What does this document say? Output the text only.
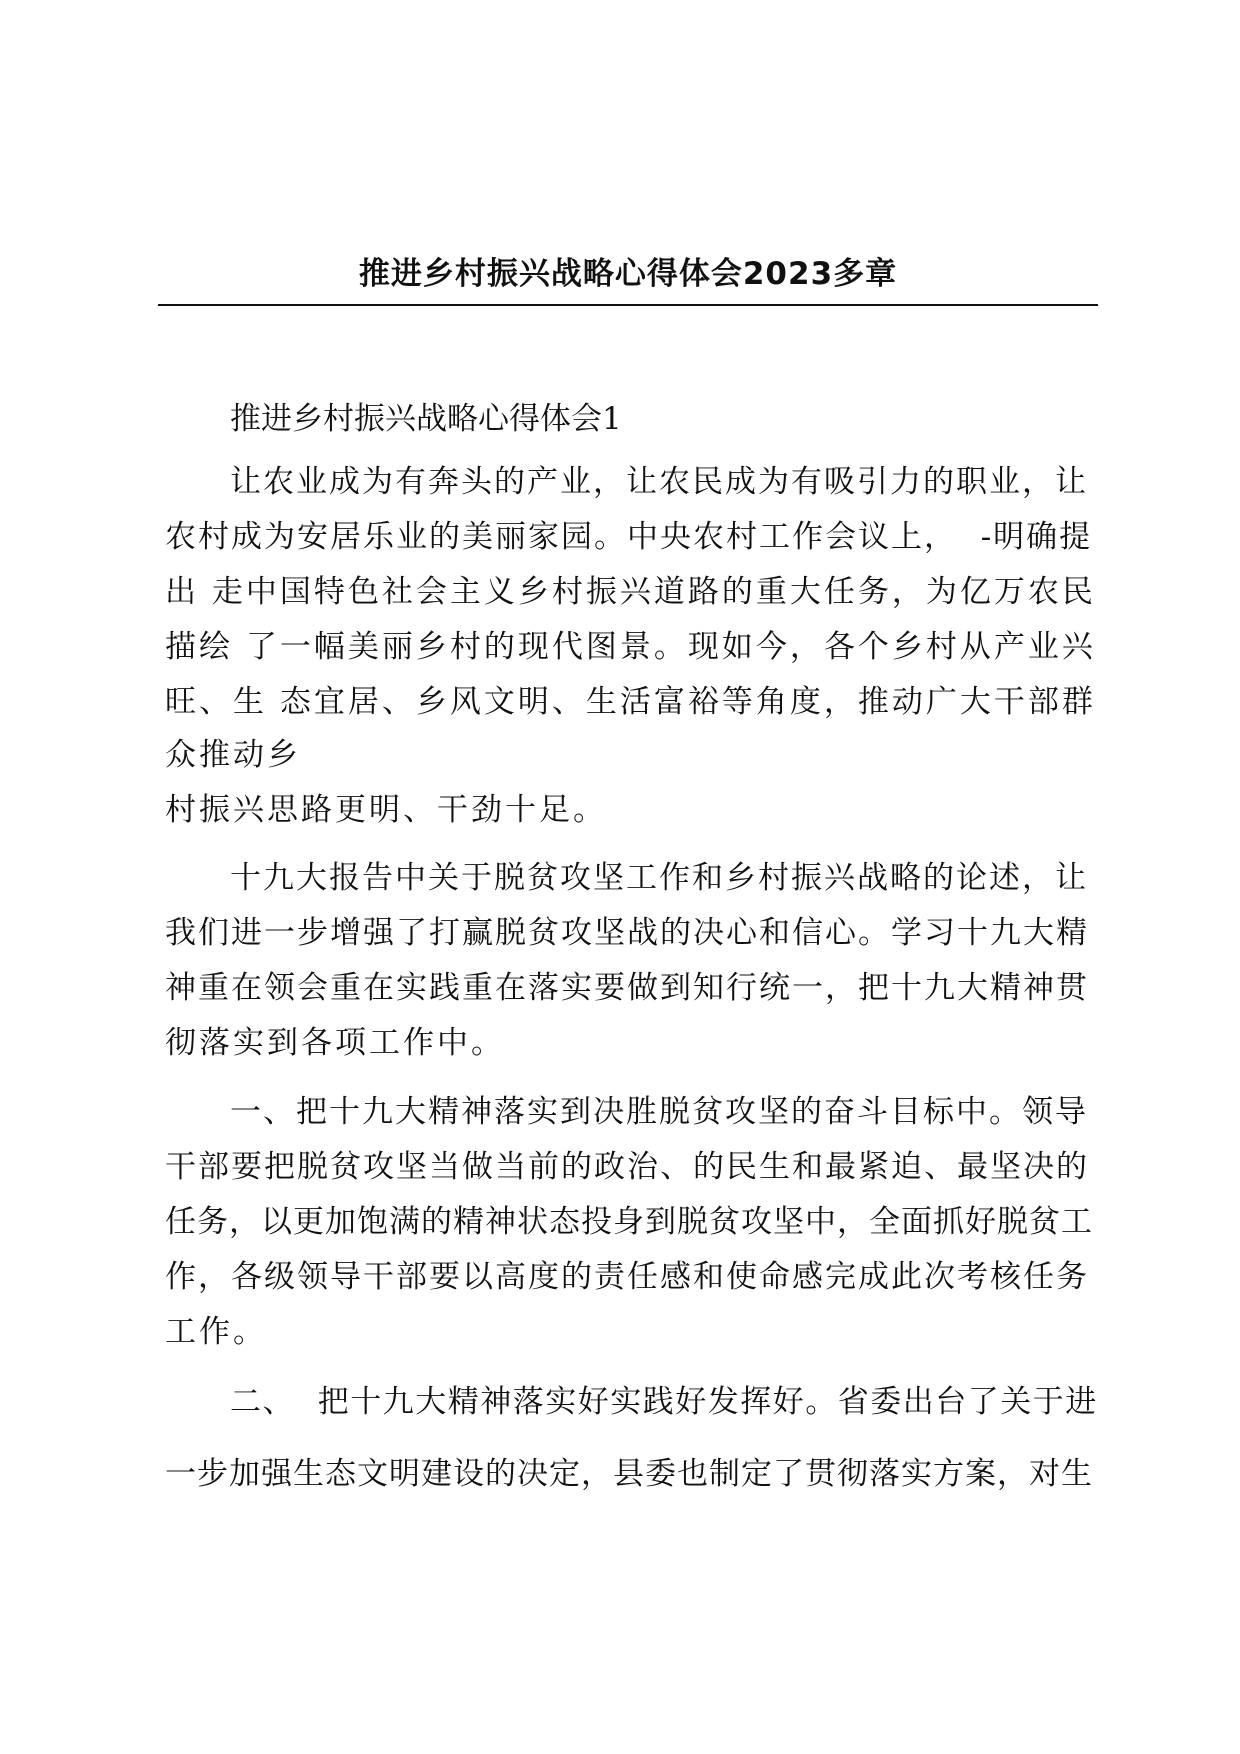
推进乡村振兴战略心得体会2023多章

推进乡村振兴战略心得体会1

让农业成为有奔头的产业，让农民成为有吸引力的职业，让

农村成为安居乐业的美丽家园。中央农村工作会议上，  -明确提

出 走中国特色社会主义乡村振兴道路的重大任务，为亿万农民

描绘 了一幅美丽乡村的现代图景。现如今，各个乡村从产业兴

旺、生 态宜居、乡风文明、生活富裕等角度，推动广大干部群

众推动乡

村振兴思路更明、干劲十足。

十九大报告中关于脱贫攻坚工作和乡村振兴战略的论述，让

我们进一步增强了打赢脱贫攻坚战的决心和信心。学习十九大精

神重在领会重在实践重在落实要做到知行统一，把十九大精神贯

彻落实到各项工作中。

一、把十九大精神落实到决胜脱贫攻坚的奋斗目标中。领导

干部要把脱贫攻坚当做当前的政治、的民生和最紧迫、最坚决的

任务，以更加饱满的精神状态投身到脱贫攻坚中，全面抓好脱贫工

作，各级领导干部要以高度的责任感和使命感完成此次考核任务

工作。

二、  把十九大精神落实好实践好发挥好。省委出台了关于进

一步加强生态文明建设的决定，县委也制定了贯彻落实方案，对生
